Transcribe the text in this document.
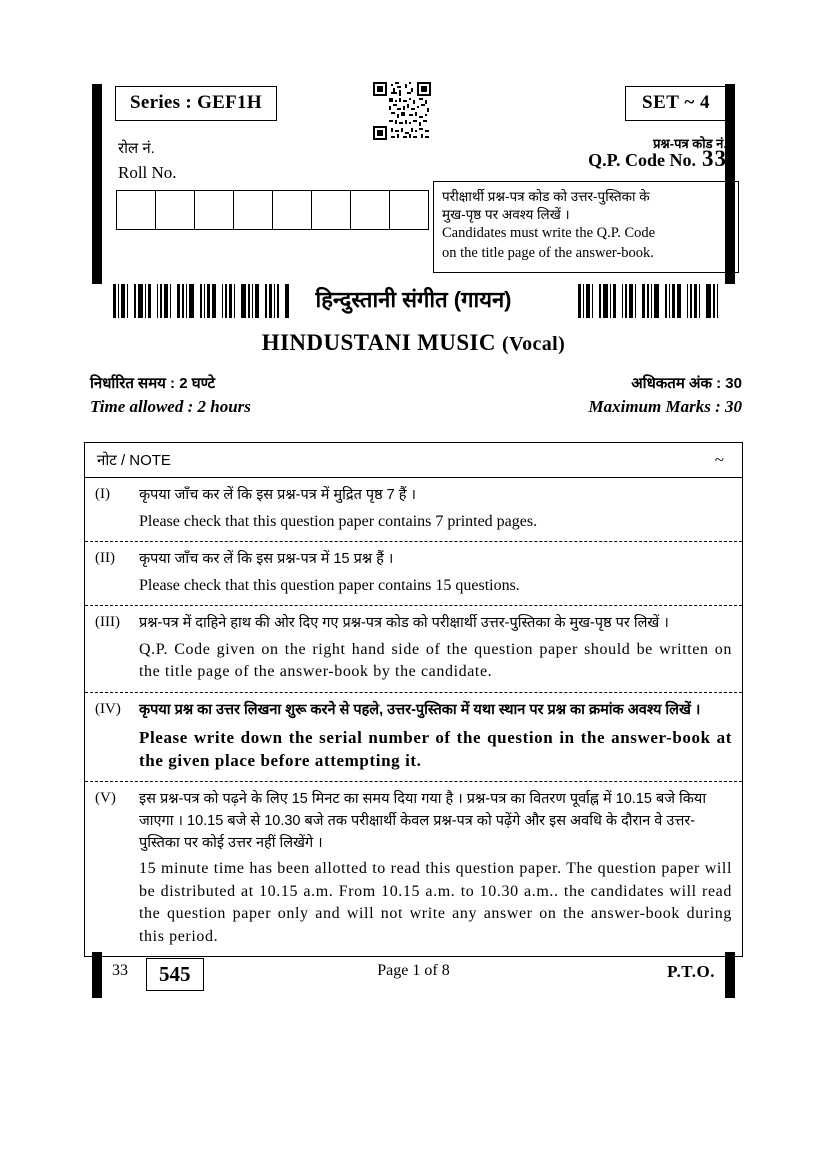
Series : GEF1H	SET ~ 4
रोल नं.
Roll No.
प्रश्न-पत्र कोड नं.
Q.P. Code No. 33
परीक्षार्थी प्रश्न-पत्र कोड को उत्तर-पुस्तिका के
मुख-पृष्ठ पर अवश्य लिखें ।
Candidates must write the Q.P. Code
on the title page of the answer-book.

हिन्दुस्तानी संगीत (गायन)
HINDUSTANI MUSIC (Vocal)
निर्धारित समय : 2 घण्टे
Time allowed : 2 hours
अधिकतम अंक : 30
Maximum Marks : 30
नोट / NOTE	~
(I)	कृपया जाँच कर लें कि इस प्रश्न-पत्र में मुद्रित पृष्ठ 7 हैं ।
Please check that this question paper contains 7 printed pages.
(II)	कृपया जाँच कर लें कि इस प्रश्न-पत्र में 15 प्रश्न हैं ।
Please check that this question paper contains 15 questions.
(III)	प्रश्न-पत्र में दाहिने हाथ की ओर दिए गए प्रश्न-पत्र कोड को परीक्षार्थी उत्तर-पुस्तिका के मुख-पृष्ठ पर लिखें ।
Q.P. Code given on the right hand side of the question paper should be written on the title page of the answer-book by the candidate.
(IV)	कृपया प्रश्न का उत्तर लिखना शुरू करने से पहले, उत्तर-पुस्तिका में यथा स्थान पर प्रश्न का क्रमांक अवश्य लिखें ।
Please write down the serial number of the question in the answer-book at the given place before attempting it.
(V)	इस प्रश्न-पत्र को पढ़ने के लिए 15 मिनट का समय दिया गया है । प्रश्न-पत्र का वितरण पूर्वाह्न में 10.15 बजे किया जाएगा । 10.15 बजे से 10.30 बजे तक परीक्षार्थी केवल प्रश्न-पत्र को पढ़ेंगे और इस अवधि के दौरान वे उत्तर-पुस्तिका पर कोई उत्तर नहीं लिखेंगे ।
15 minute time has been allotted to read this question paper. The question paper will be distributed at 10.15 a.m. From 10.15 a.m. to 10.30 a.m.. the candidates will read the question paper only and will not write any answer on the answer-book during this period.
33	545	Page 1 of 8	P.T.O.
